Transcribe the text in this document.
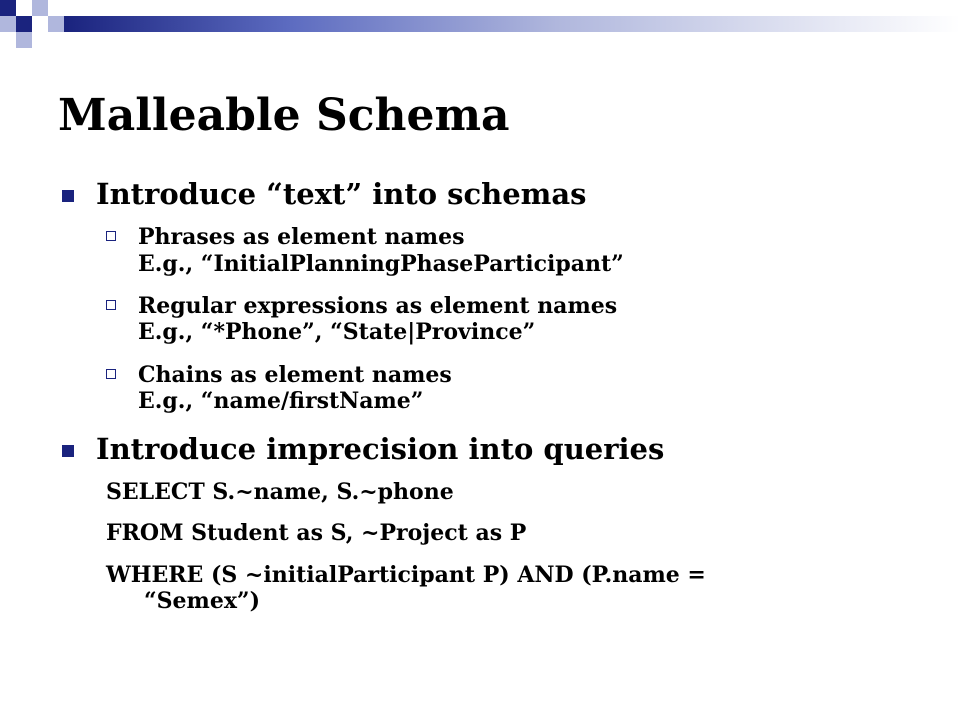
Malleable Schema
Introduce “text” into schemas
Phrases as element names
E.g., “InitialPlanningPhaseParticipant”
Regular expressions as element names
E.g., “*Phone”, “State|Province”
Chains as element names
E.g., “name/firstName”
Introduce imprecision into queries
SELECT S.~name, S.~phone
FROM Student as S, ~Project as P
WHERE (S ~initialParticipant P) AND (P.name =
“Semex”)
